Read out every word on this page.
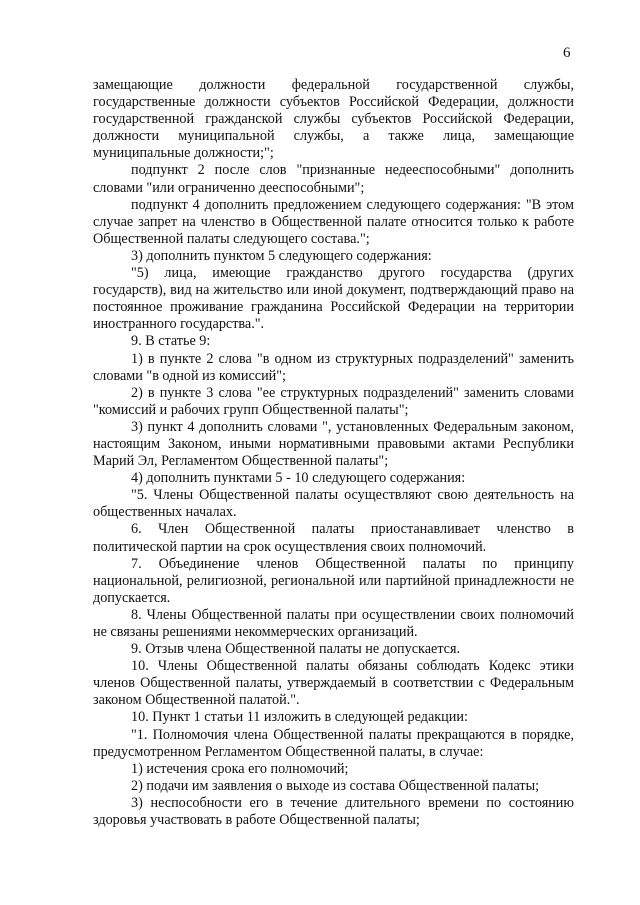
6

замещающие должности федеральной государственной службы, государственные должности субъектов Российской Федерации, должности государственной гражданской службы субъектов Российской Федерации, должности муниципальной службы, а также лица, замещающие муниципальные должности;";

подпункт 2 после слов "признанные недееспособными" дополнить словами "или ограниченно дееспособными";

подпункт 4 дополнить предложением следующего содержания: "В этом случае запрет на членство в Общественной палате относится только к работе Общественной палаты следующего состава.";

3) дополнить пунктом 5 следующего содержания:

"5) лица, имеющие гражданство другого государства (других государств), вид на жительство или иной документ, подтверждающий право на постоянное проживание гражданина Российской Федерации на территории иностранного государства.".

9. В статье 9:

1) в пункте 2 слова "в одном из структурных подразделений" заменить словами "в одной из комиссий";

2) в пункте 3 слова "ее структурных подразделений" заменить словами "комиссий и рабочих групп Общественной палаты";

3) пункт 4 дополнить словами ", установленных Федеральным законом, настоящим Законом, иными нормативными правовыми актами Республики Марий Эл, Регламентом Общественной палаты";

4) дополнить пунктами 5 - 10 следующего содержания:

"5. Члены Общественной палаты осуществляют свою деятельность на общественных началах.

6. Член Общественной палаты приостанавливает членство в политической партии на срок осуществления своих полномочий.

7. Объединение членов Общественной палаты по принципу национальной, религиозной, региональной или партийной принадлежности не допускается.

8. Члены Общественной палаты при осуществлении своих полномочий не связаны решениями некоммерческих организаций.

9. Отзыв члена Общественной палаты не допускается.

10. Члены Общественной палаты обязаны соблюдать Кодекс этики членов Общественной палаты, утверждаемый в соответствии с Федеральным законом Общественной палатой.".

10. Пункт 1 статьи 11 изложить в следующей редакции:

"1. Полномочия члена Общественной палаты прекращаются в порядке, предусмотренном Регламентом Общественной палаты, в случае:

1) истечения срока его полномочий;

2) подачи им заявления о выходе из состава Общественной палаты;

3) неспособности его в течение длительного времени по состоянию здоровья участвовать в работе Общественной палаты;
